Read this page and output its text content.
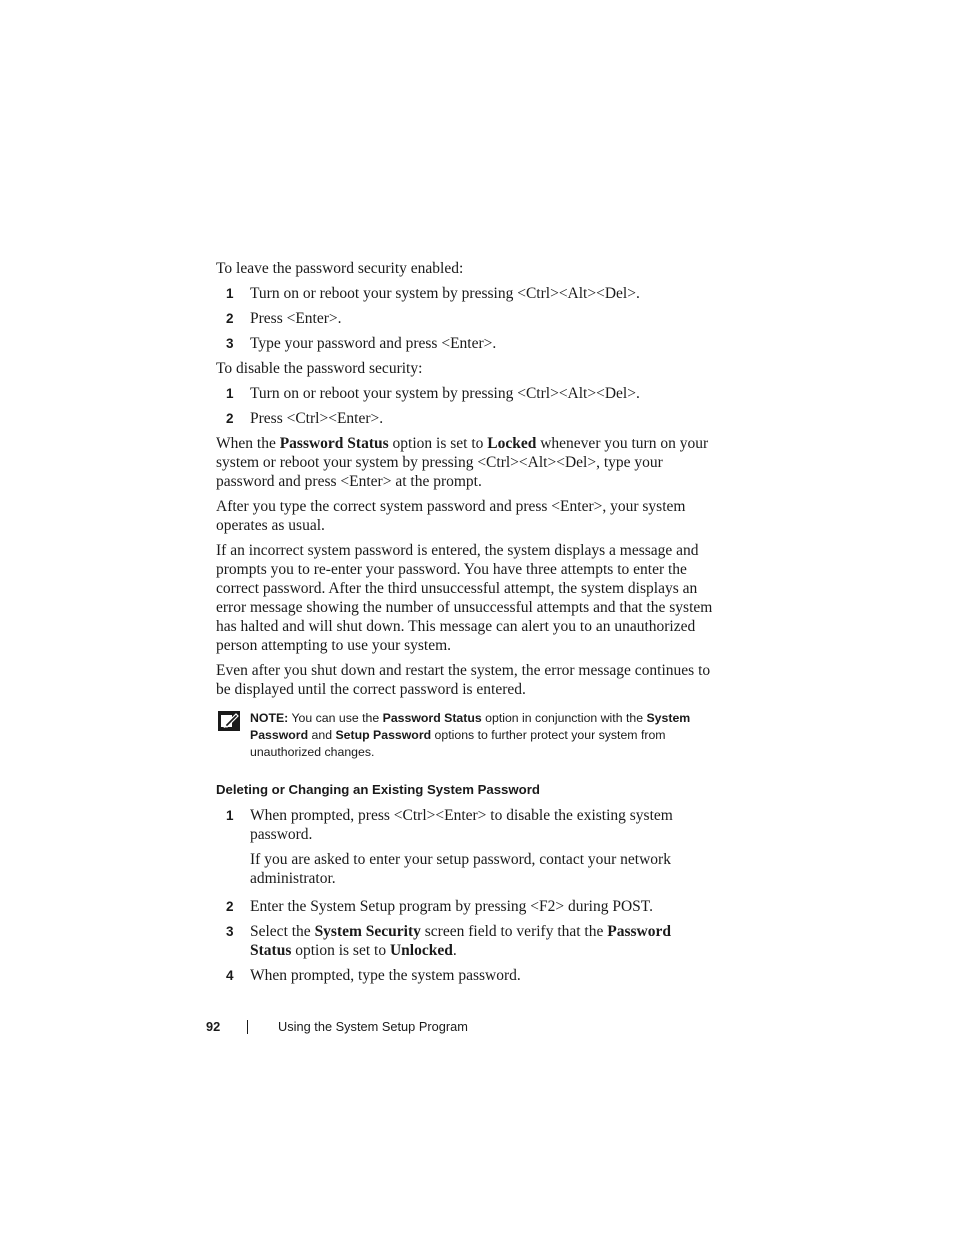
To leave the password security enabled:

1 Turn on or reboot your system by pressing <Ctrl><Alt><Del>.

2 Press <Enter>.

3 Type your password and press <Enter>.

To disable the password security:

1 Turn on or reboot your system by pressing <Ctrl><Alt><Del>.

2 Press <Ctrl><Enter>.

When the Password Status option is set to Locked whenever you turn on your system or reboot your system by pressing <Ctrl><Alt><Del>, type your password and press <Enter> at the prompt.

After you type the correct system password and press <Enter>, your system operates as usual.

If an incorrect system password is entered, the system displays a message and prompts you to re-enter your password. You have three attempts to enter the correct password. After the third unsuccessful attempt, the system displays an error message showing the number of unsuccessful attempts and that the system has halted and will shut down. This message can alert you to an unauthorized person attempting to use your system.

Even after you shut down and restart the system, the error message continues to be displayed until the correct password is entered.

NOTE: You can use the Password Status option in conjunction with the System Password and Setup Password options to further protect your system from unauthorized changes.

Deleting or Changing an Existing System Password

1 When prompted, press <Ctrl><Enter> to disable the existing system password.

If you are asked to enter your setup password, contact your network administrator.

2 Enter the System Setup program by pressing <F2> during POST.

3 Select the System Security screen field to verify that the Password Status option is set to Unlocked.

4 When prompted, type the system password.

92	Using the System Setup Program
